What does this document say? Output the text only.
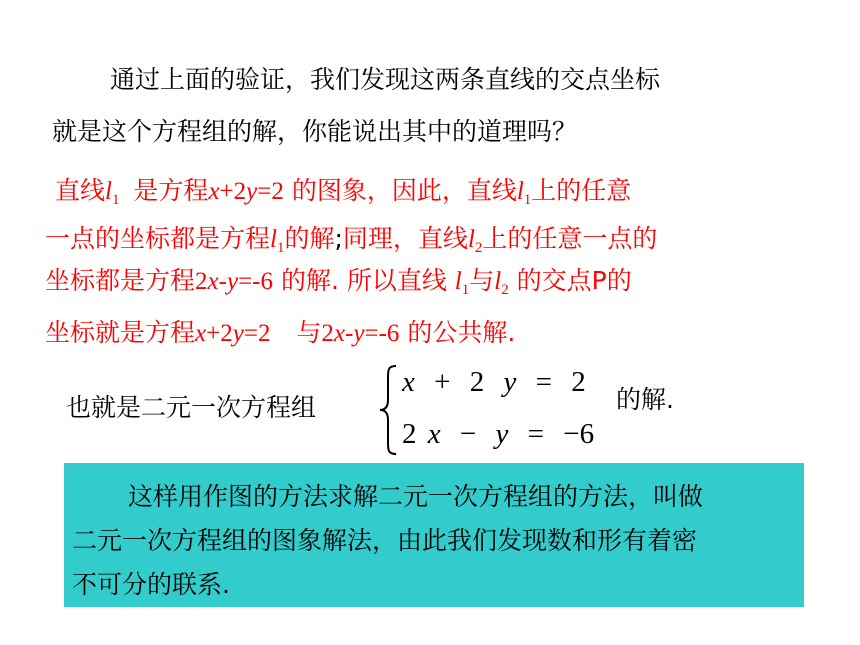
通过上面的验证，我们发现这两条直线的交点坐标
就是这个方程组的解，你能说出其中的道理吗？
直线$l_1$ 是方程x+2y=2 的图象，因此，直线$l_1$上的任意
一点的坐标都是方程$l_1$的解;同理，直线$l_2$上的任意一点的
坐标都是方程2x-y=-6 的解. 所以直线 $l_1$与$l_2$ 的交点P的
坐标就是方程x+2y=2 与2x-y=-6 的公共解.
也就是二元一次方程组
x + 2 y = 2
2 x − y = −6
的解.
这样用作图的方法求解二元一次方程组的方法，叫做
二元一次方程组的图象解法，由此我们发现数和形有着密
不可分的联系.
